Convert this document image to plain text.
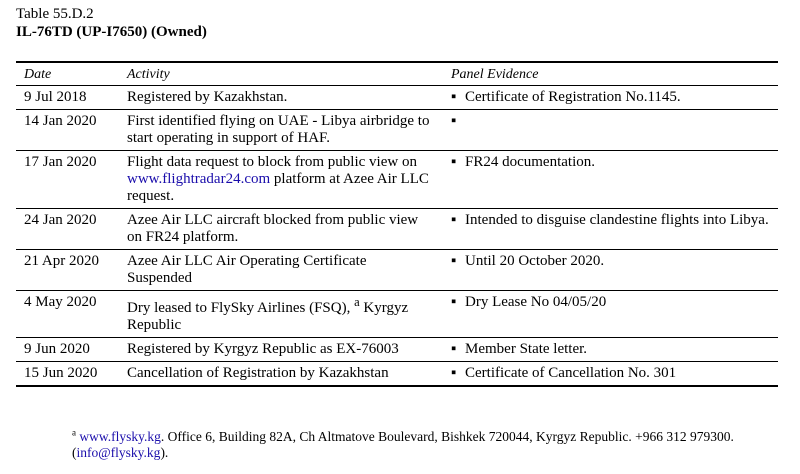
Table 55.D.2
IL-76TD (UP-I7650) (Owned)
Date	Activity	Panel Evidence
9 Jul 2018	Registered by Kazakhstan.	▪ Certificate of Registration No.1145.
14 Jan 2020	First identified flying on UAE - Libya airbridge to start operating in support of HAF.	▪
17 Jan 2020	Flight data request to block from public view on www.flightradar24.com platform at Azee Air LLC request.	▪ FR24 documentation.
24 Jan 2020	Azee Air LLC aircraft blocked from public view on FR24 platform.	▪ Intended to disguise clandestine flights into Libya.
21 Apr 2020	Azee Air LLC Air Operating Certificate Suspended	▪ Until 20 October 2020.
4 May 2020	Dry leased to FlySky Airlines (FSQ), $^a$ Kyrgyz Republic	▪ Dry Lease No 04/05/20
9 Jun 2020	Registered by Kyrgyz Republic as EX-76003	▪ Member State letter.
15 Jun 2020	Cancellation of Registration by Kazakhstan	▪ Certificate of Cancellation No. 301
$^a$ www.flysky.kg. Office 6, Building 82A, Ch Altmatove Boulevard, Bishkek 720044, Kyrgyz Republic. +966 312 979300. (info@flysky.kg).
